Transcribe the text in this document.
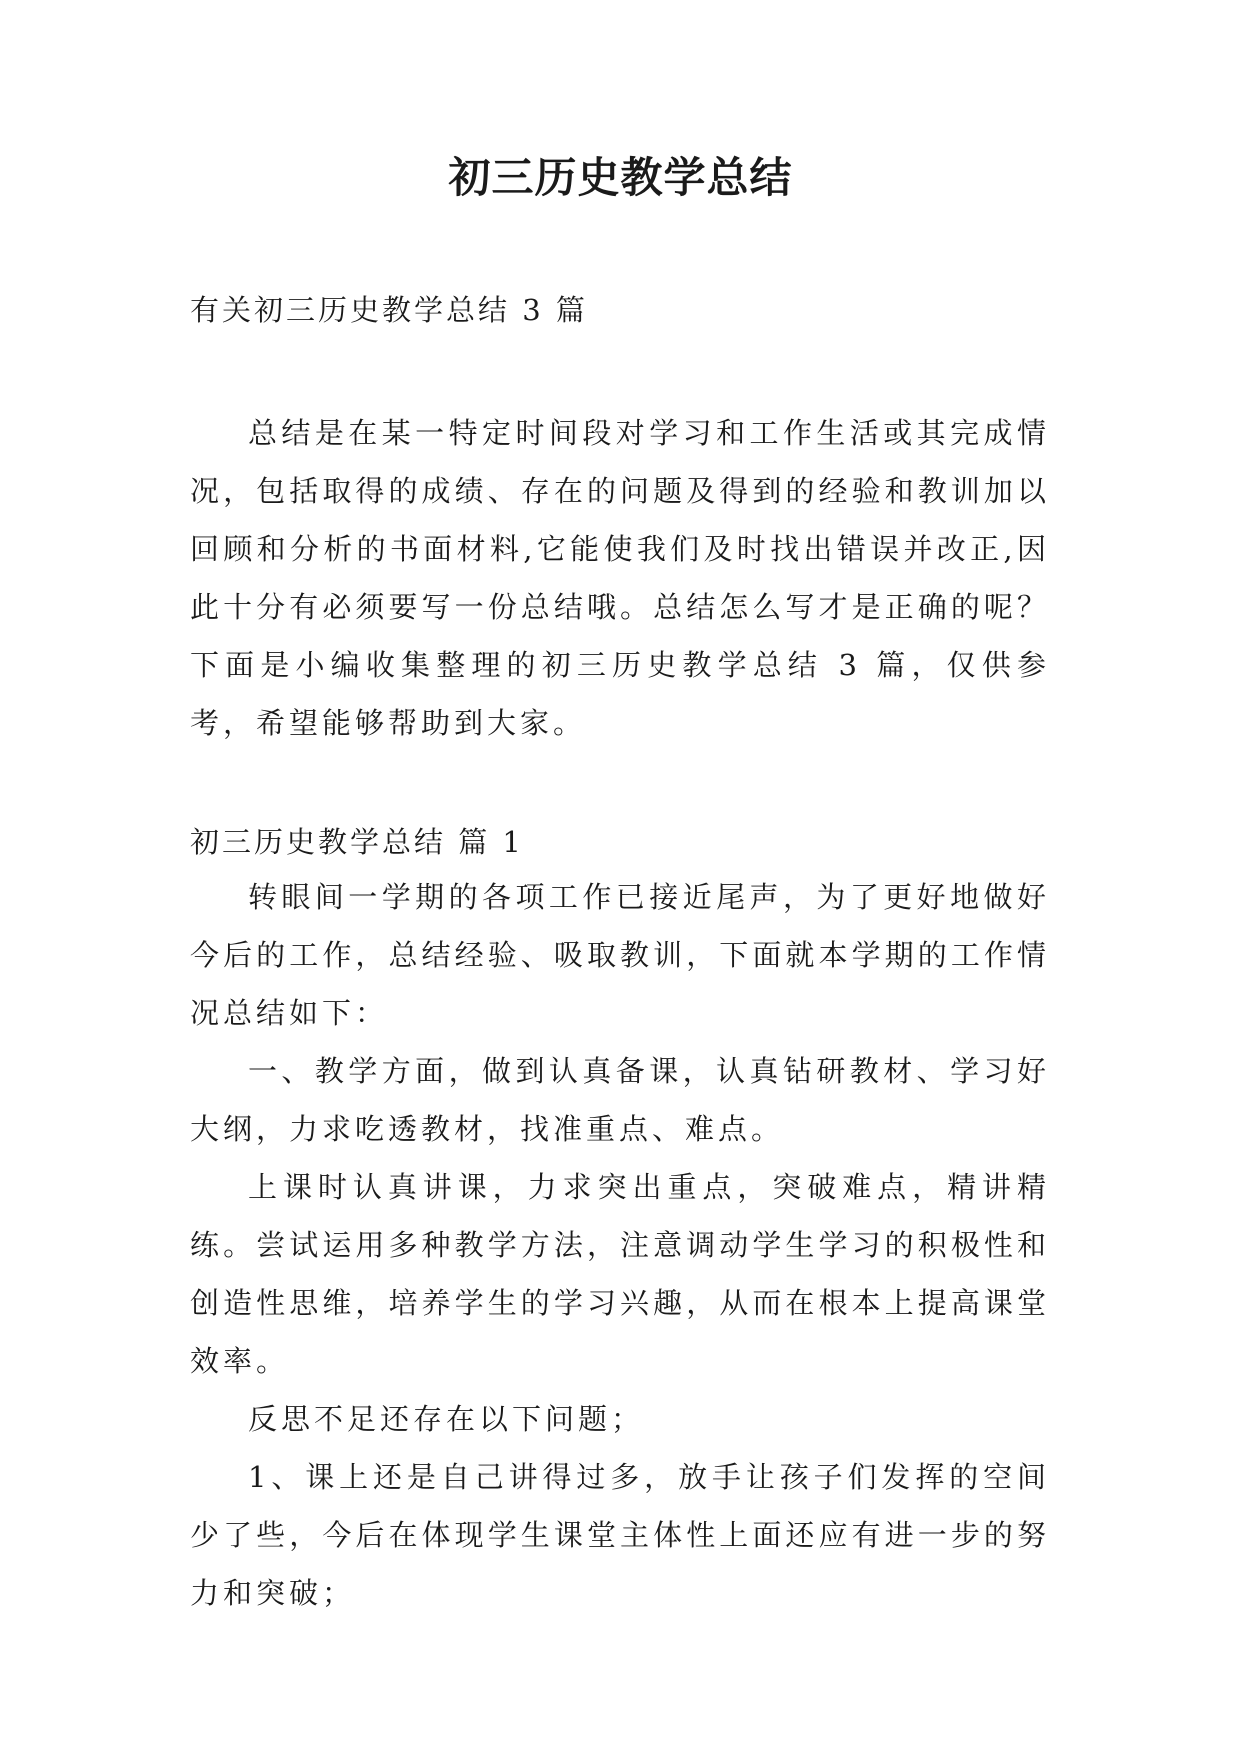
初三历史教学总结
有关初三历史教学总结 3 篇

总结是在某一特定时间段对学习和工作生活或其完成情况，包括取得的成绩、存在的问题及得到的经验和教训加以回顾和分析的书面材料,它能使我们及时找出错误并改正,因此十分有必须要写一份总结哦。总结怎么写才是正确的呢？下面是小编收集整理的初三历史教学总结 3 篇，仅供参考，希望能够帮助到大家。

初三历史教学总结 篇 1

转眼间一学期的各项工作已接近尾声，为了更好地做好今后的工作，总结经验、吸取教训，下面就本学期的工作情况总结如下：

一、教学方面，做到认真备课，认真钻研教材、学习好大纲，力求吃透教材，找准重点、难点。

上课时认真讲课，力求突出重点，突破难点，精讲精练。尝试运用多种教学方法，注意调动学生学习的积极性和创造性思维，培养学生的学习兴趣，从而在根本上提高课堂效率。

反思不足还存在以下问题；

1、课上还是自己讲得过多，放手让孩子们发挥的空间少了些，今后在体现学生课堂主体性上面还应有进一步的努力和突破；
